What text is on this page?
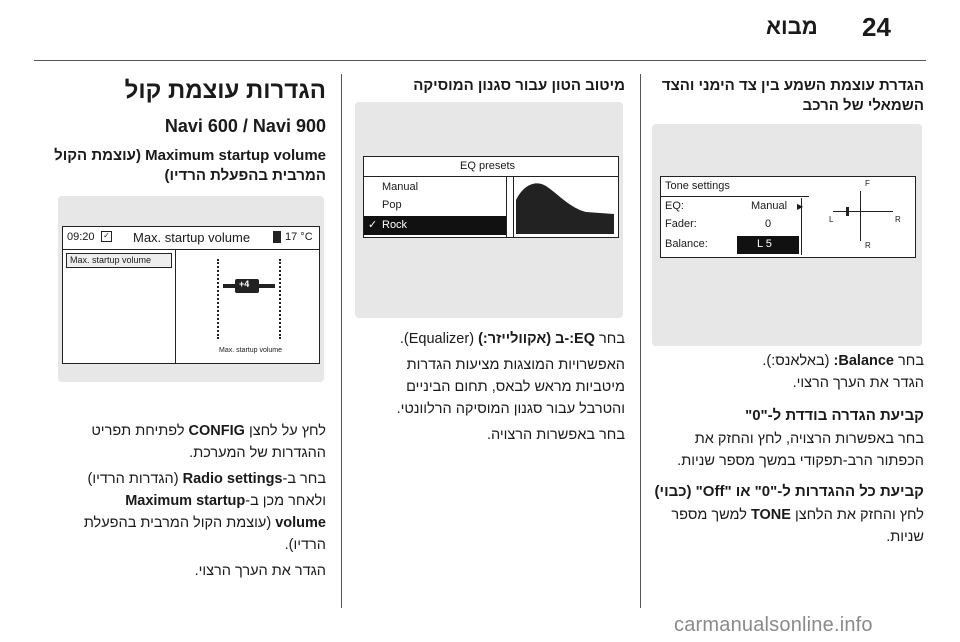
24
מבוא

הגדרת עוצמת השמע בין צד הימני והצד

השמאלי של הרכב

Tone settings
EQ:	Manual ▶
Fader:	0
Balance:	L 5
F
R
L	R

בחר Balance: (באלאנס:).

הגדר את הערך הרצוי.

קביעת הגדרה בודדת ל-"0"

בחר באפשרות הרצויה, לחץ והחזק את

הכפתור הרב-תפקודי במשך מספר שניות.

קביעת כל ההגדרות ל-"0" או "Off" (כבוי)

לחץ והחזק את הלחצן TONE למשך מספר

שניות.

מיטוב הטון עבור סגנון המוסיקה

EQ presets
Manual
Pop
✓ Rock

בחר EQ:-ב (אקוולייזר:) (Equalizer).

האפשרויות המוצגות מציעות הגדרות

מיטביות מראש לבאס, תחום הביניים

והטרבל עבור סגנון המוסיקה הרלוונטי.

בחר באפשרות הרצויה.

הגדרות עוצמת קול

Navi 600 / Navi 900

Maximum startup volume (עוצמת הקול

המרבית בהפעלת הרדיו)

09:20 ✓ Max. startup volume	17 °C
Max. startup volume
+4
Max. startup volume

לחץ על לחצן CONFIG לפתיחת תפריט

ההגדרות של המערכת.

בחר ב-Radio settings (הגדרות הרדיו)

ולאחר מכן ב-Maximum startup

volume (עוצמת הקול המרבית בהפעלת

הרדיו).

הגדר את הערך הרצוי.

carmanualsonline.info
